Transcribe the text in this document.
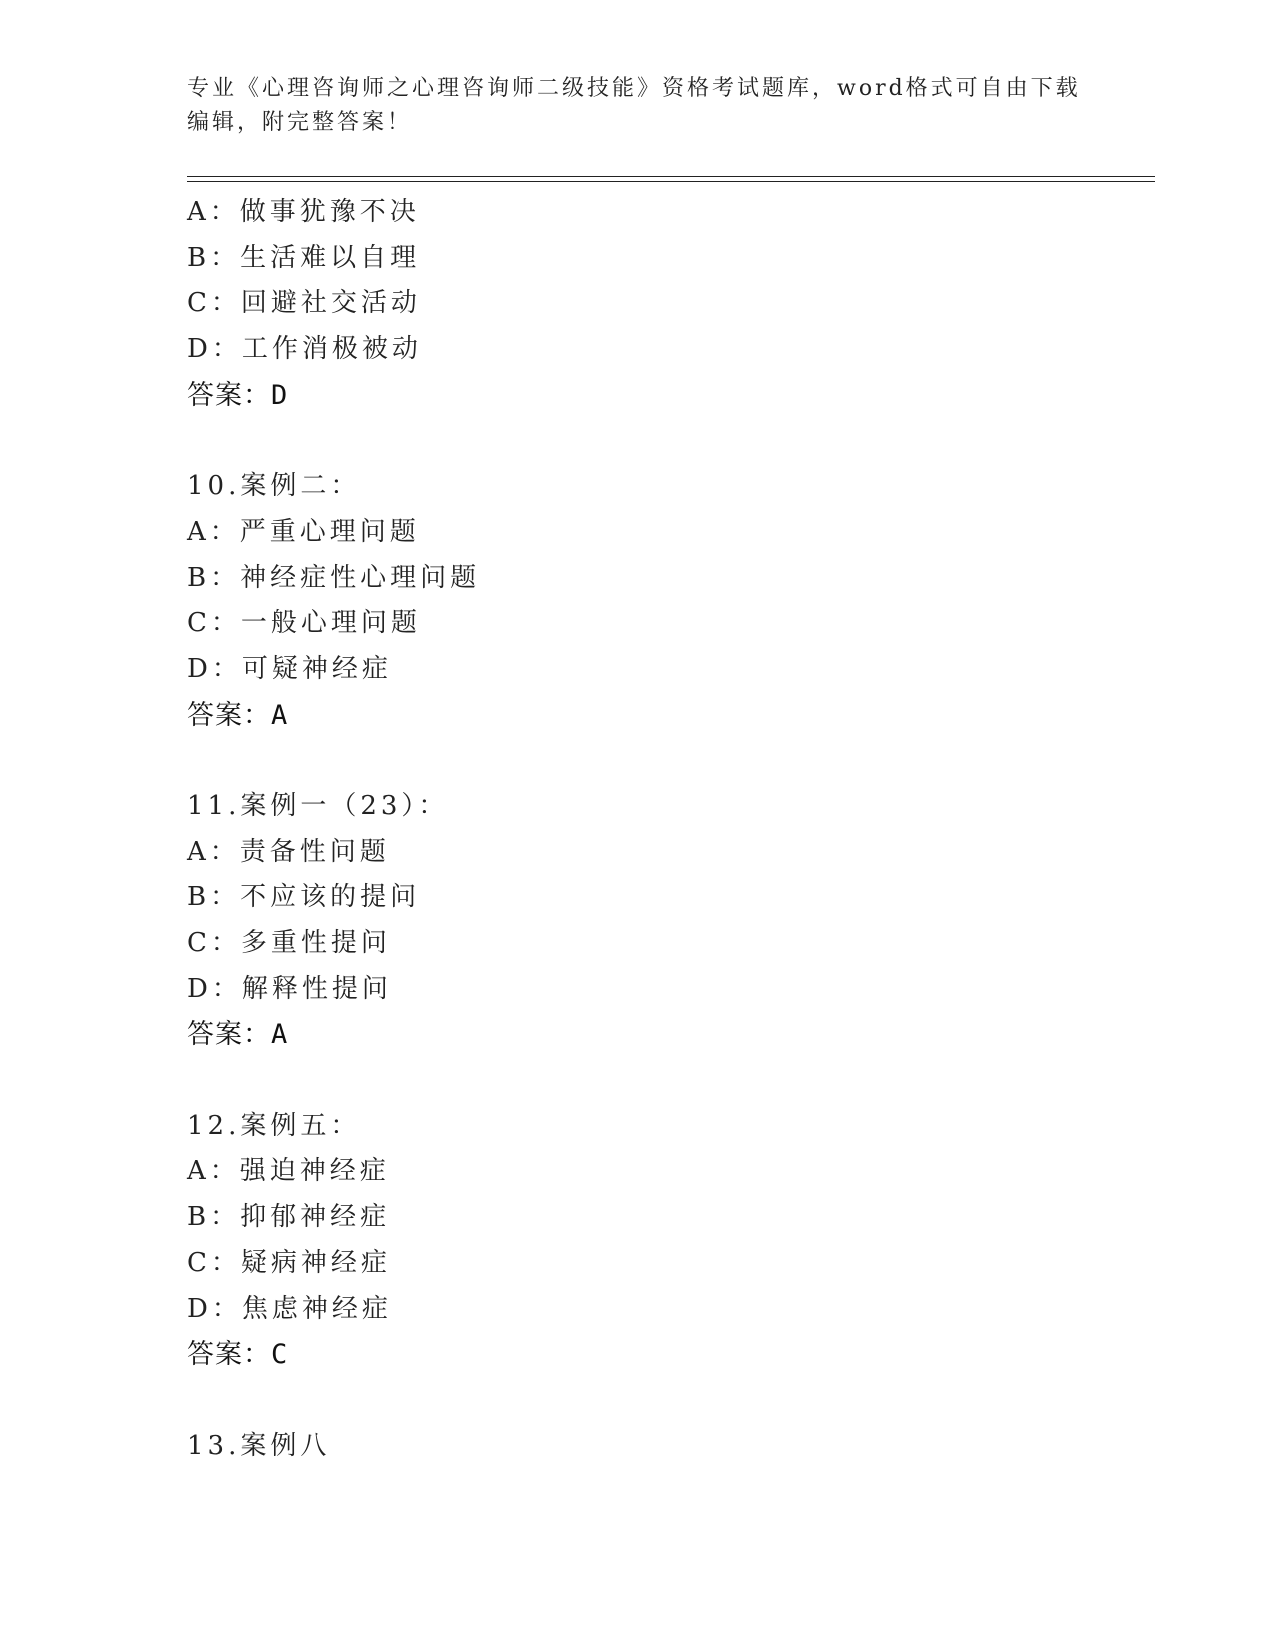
专业《心理咨询师之心理咨询师二级技能》资格考试题库，word格式可自由下载
编辑，附完整答案！
A：做事犹豫不决
B：生活难以自理
C：回避社交活动
D：工作消极被动
答案：D
10.案例二：
A：严重心理问题
B：神经症性心理问题
C：一般心理问题
D：可疑神经症
答案：A
11.案例一（23）：
A：责备性问题
B：不应该的提问
C：多重性提问
D：解释性提问
答案：A
12.案例五：
A：强迫神经症
B：抑郁神经症
C：疑病神经症
D：焦虑神经症
答案：C
13.案例八
